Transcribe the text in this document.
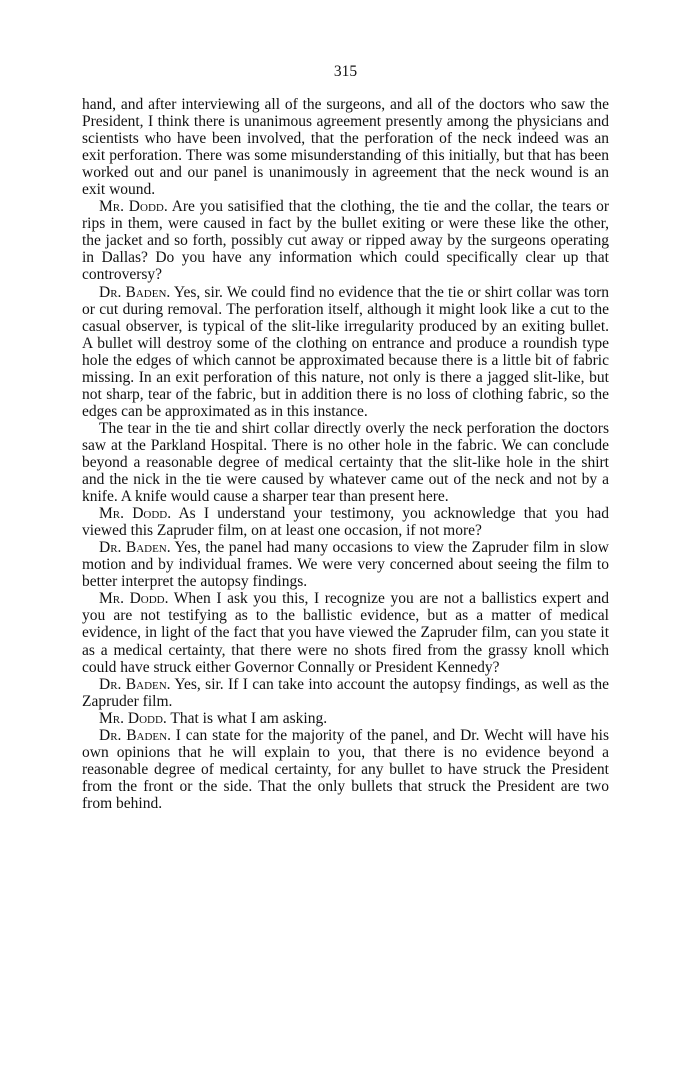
315

hand, and after interviewing all of the surgeons, and all of the doctors who saw the President, I think there is unanimous agreement presently among the physicians and scientists who have been involved, that the perforation of the neck indeed was an exit perforation. There was some misunderstanding of this initially, but that has been worked out and our panel is unanimously in agreement that the neck wound is an exit wound.

Mr. Dodd. Are you satisified that the clothing, the tie and the collar, the tears or rips in them, were caused in fact by the bullet exiting or were these like the other, the jacket and so forth, possibly cut away or ripped away by the surgeons operating in Dallas? Do you have any information which could specifically clear up that controversy?

Dr. Baden. Yes, sir. We could find no evidence that the tie or shirt collar was torn or cut during removal. The perforation itself, although it might look like a cut to the casual observer, is typical of the slit-like irregularity produced by an exiting bullet. A bullet will destroy some of the clothing on entrance and produce a roundish type hole the edges of which cannot be approximated because there is a little bit of fabric missing. In an exit perforation of this nature, not only is there a jagged slit-like, but not sharp, tear of the fabric, but in addition there is no loss of clothing fabric, so the edges can be approximated as in this instance.

The tear in the tie and shirt collar directly overly the neck perforation the doctors saw at the Parkland Hospital. There is no other hole in the fabric. We can conclude beyond a reasonable degree of medical certainty that the slit-like hole in the shirt and the nick in the tie were caused by whatever came out of the neck and not by a knife. A knife would cause a sharper tear than present here.

Mr. Dodd. As I understand your testimony, you acknowledge that you had viewed this Zapruder film, on at least one occasion, if not more?

Dr. Baden. Yes, the panel had many occasions to view the Zapruder film in slow motion and by individual frames. We were very concerned about seeing the film to better interpret the autopsy findings.

Mr. Dodd. When I ask you this, I recognize you are not a ballistics expert and you are not testifying as to the ballistic evidence, but as a matter of medical evidence, in light of the fact that you have viewed the Zapruder film, can you state it as a medical certainty, that there were no shots fired from the grassy knoll which could have struck either Governor Connally or President Kennedy?

Dr. Baden. Yes, sir. If I can take into account the autopsy findings, as well as the Zapruder film.

Mr. Dodd. That is what I am asking.

Dr. Baden. I can state for the majority of the panel, and Dr. Wecht will have his own opinions that he will explain to you, that there is no evidence beyond a reasonable degree of medical certainty, for any bullet to have struck the President from the front or the side. That the only bullets that struck the President are two from behind.
